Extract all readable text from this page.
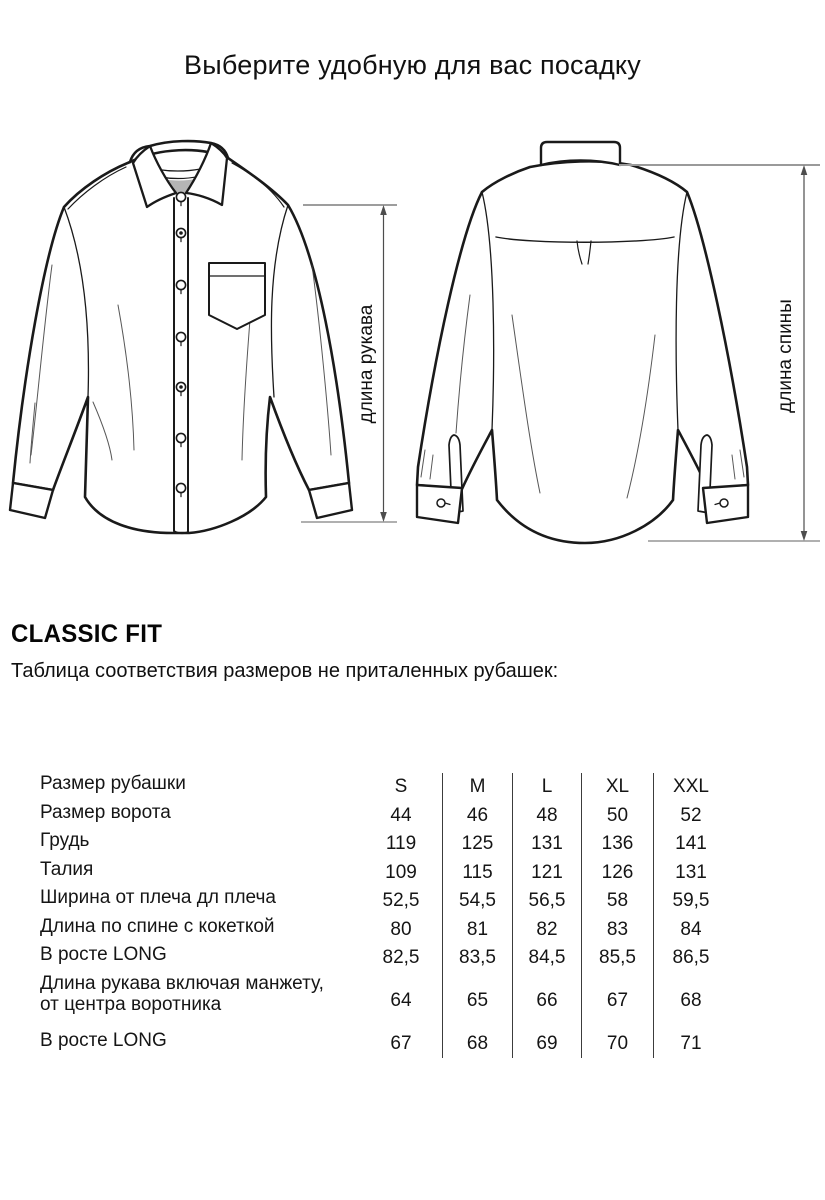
Выберите удобную для вас посадку
длина рукава	длина спины
CLASSIC FIT
Таблица соответствия размеров не приталенных рубашек:
Размер рубашки	S	M	L	XL	XXL
Размер ворота	44	46	48	50	52
Грудь	119	125	131	136	141
Талия	109	115	121	126	131
Ширина от плеча дл плеча	52,5	54,5	56,5	58	59,5
Длина по спине с кокеткой	80	81	82	83	84
В росте LONG	82,5	83,5	84,5	85,5	86,5
Длина рукава включая манжету,
от центра воротника	64	65	66	67	68
В росте LONG	67	68	69	70	71
